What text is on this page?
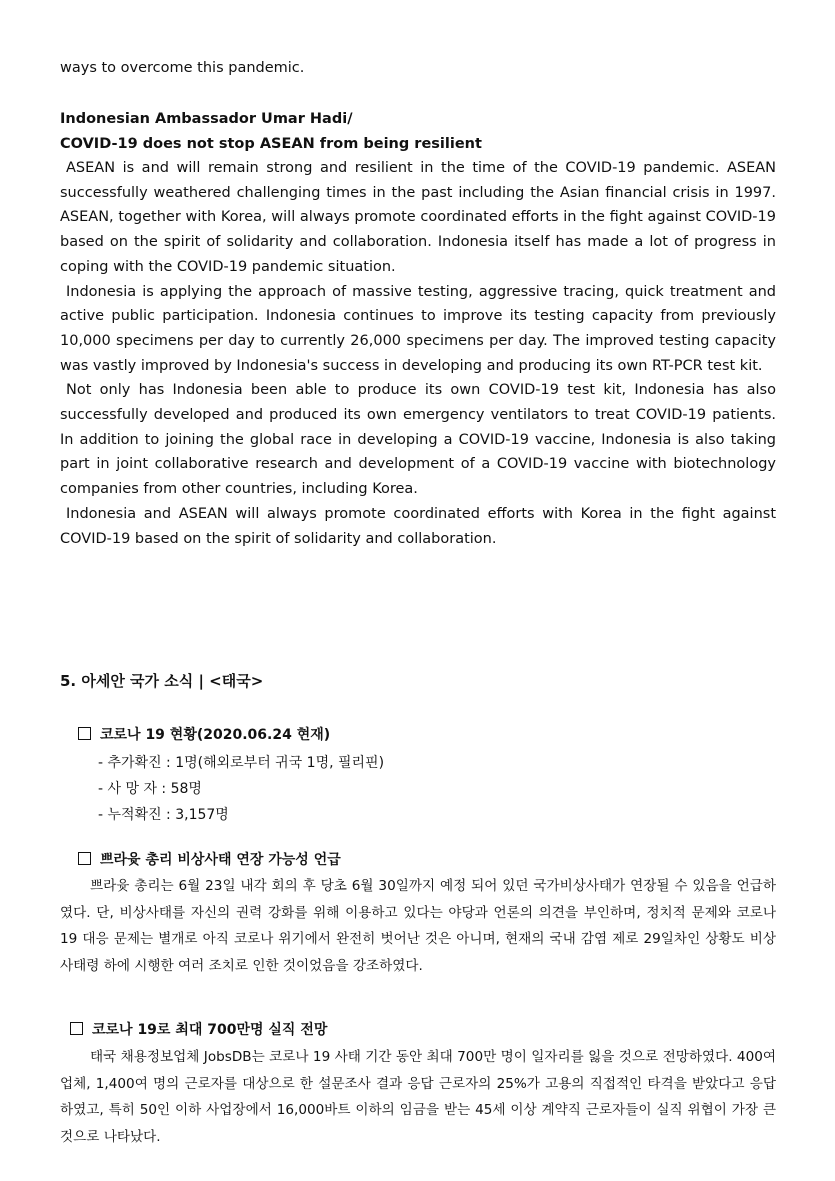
ways to overcome this pandemic.

Indonesian Ambassador Umar Hadi/
COVID-19 does not stop ASEAN from being resilient

ASEAN is and will remain strong and resilient in the time of the COVID-19 pandemic. ASEAN successfully weathered challenging times in the past including the Asian financial crisis in 1997. ASEAN, together with Korea, will always promote coordinated efforts in the fight against COVID-19 based on the spirit of solidarity and collaboration. Indonesia itself has made a lot of progress in coping with the COVID-19 pandemic situation.

Indonesia is applying the approach of massive testing, aggressive tracing, quick treatment and active public participation. Indonesia continues to improve its testing capacity from previously 10,000 specimens per day to currently 26,000 specimens per day. The improved testing capacity was vastly improved by Indonesia's success in developing and producing its own RT-PCR test kit.

Not only has Indonesia been able to produce its own COVID-19 test kit, Indonesia has also successfully developed and produced its own emergency ventilators to treat COVID-19 patients. In addition to joining the global race in developing a COVID-19 vaccine, Indonesia is also taking part in joint collaborative research and development of a COVID-19 vaccine with biotechnology companies from other countries, including Korea.

Indonesia and ASEAN will always promote coordinated efforts with Korea in the fight against COVID-19 based on the spirit of solidarity and collaboration.

5. 아세안 국가 소식 | <태국>
코로나 19 현황(2020.06.24 현재)
- 추가확진 : 1명(해외로부터 귀국 1명, 필리핀)
- 사 망 자 : 58명
- 누적확진 : 3,157명
쁘라윳 총리 비상사태 연장 가능성 언급

쁘라윳 총리는 6월 23일 내각 회의 후 당초 6월 30일까지 예정 되어 있던 국가비상사태가 연장될 수 있음을 언급하였다. 단, 비상사태를 자신의 권력 강화를 위해 이용하고 있다는 야당과 언론의 의견을 부인하며, 정치적 문제와 코로나 19 대응 문제는 별개로 아직 코로나 위기에서 완전히 벗어난 것은 아니며, 현재의 국내 감염 제로 29일차인 상황도 비상사태령 하에 시행한 여러 조치로 인한 것이었음을 강조하였다.

코로나 19로 최대 700만명 실직 전망

태국 채용정보업체 JobsDB는 코로나 19 사태 기간 동안 최대 700만 명이 일자리를 잃을 것으로 전망하였다. 400여 업체, 1,400여 명의 근로자를 대상으로 한 설문조사 결과 응답 근로자의 25%가 고용의 직접적인 타격을 받았다고 응답하였고, 특히 50인 이하 사업장에서 16,000바트 이하의 임금을 받는 45세 이상 계약직 근로자들이 실직 위협이 가장 큰 것으로 나타났다.
